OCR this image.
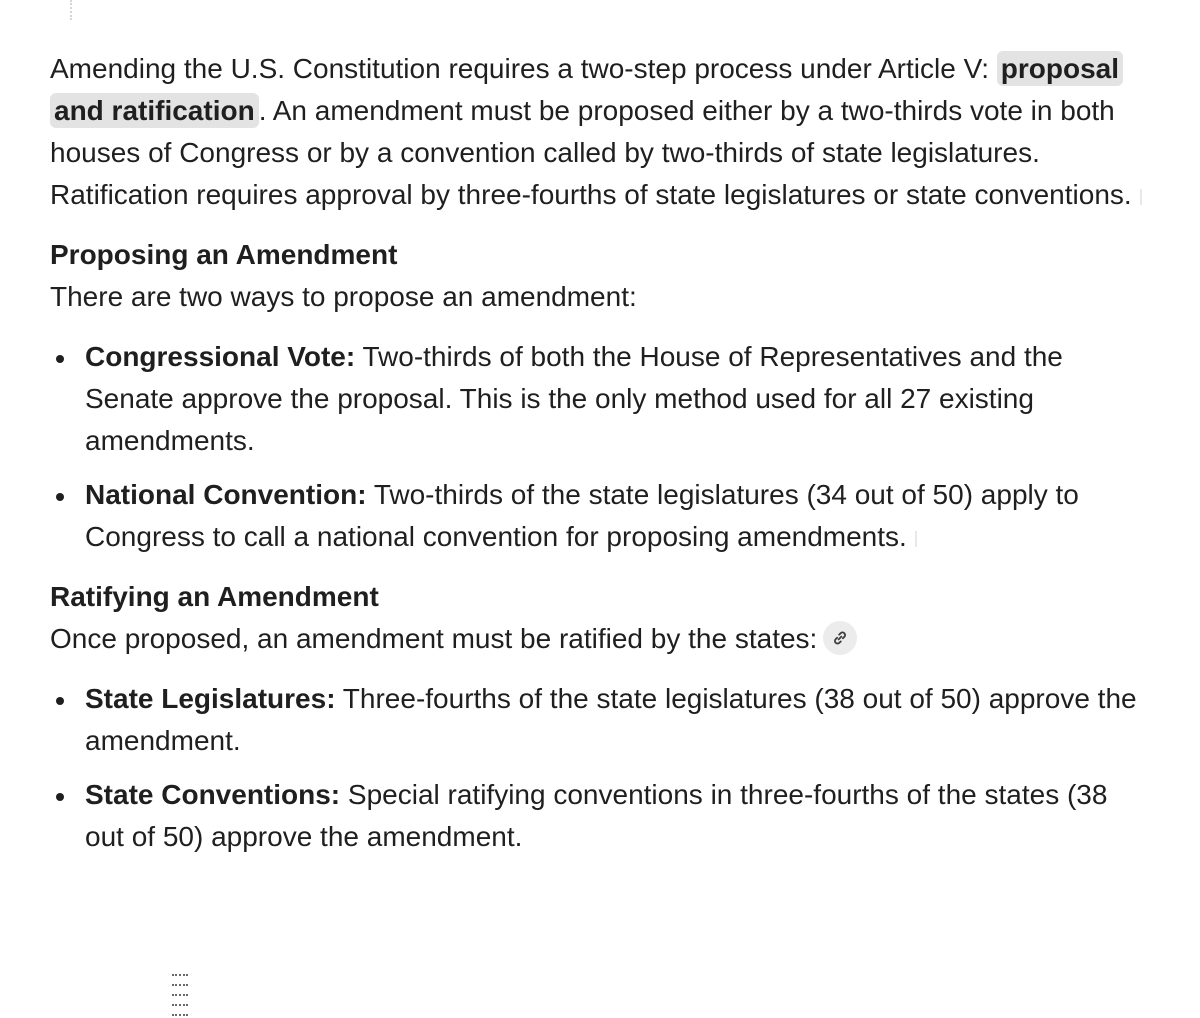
Amending the U.S. Constitution requires a two-step process under Article V: proposal and ratification . An amendment must be proposed either by a two-thirds vote in both houses of Congress or by a convention called by two-thirds of state legislatures. Ratification requires approval by three-fourths of state legislatures or state conventions.

Proposing an Amendment

There are two ways to propose an amendment:

Congressional Vote: Two-thirds of both the House of Representatives and the Senate approve the proposal. This is the only method used for all 27 existing amendments.
National Convention: Two-thirds of the state legislatures (34 out of 50) apply to Congress to call a national convention for proposing amendments.
Ratifying an Amendment

Once proposed, an amendment must be ratified by the states:

State Legislatures: Three-fourths of the state legislatures (38 out of 50) approve the amendment.
State Conventions: Special ratifying conventions in three-fourths of the states (38 out of 50) approve the amendment.
